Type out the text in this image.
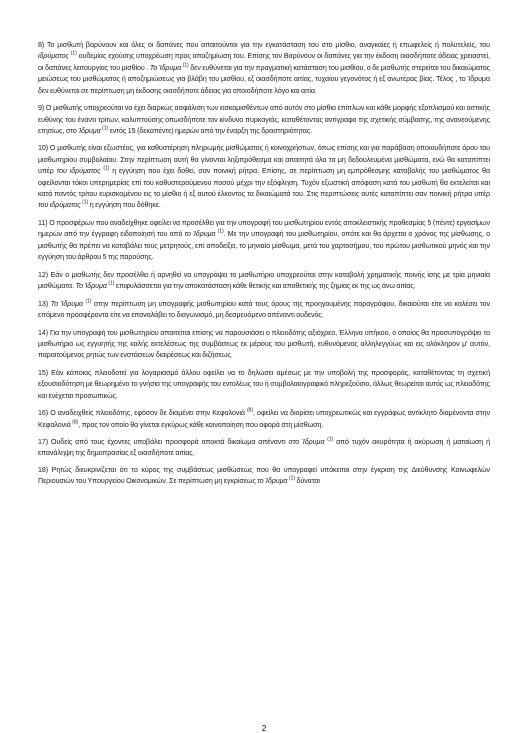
8) Το μισθωτή βαρύνουν και όλες οι δαπάνες που απαιτούνται για την εγκατάσταση του στο μίσθιο, αναγκαίες ή επωφελείς ή πολυτελείς, του ιδρύματος $^{(1)}$ ουδεμίας εχούσης υποχρέωση προς αποζημίωση του. Επίσης τον Βαρύνουν οι δαπάνες για την έκδοση οιασδήποτε άδειας χρειαστεί, οι δαπάνες λειτουργίας του μισθίου . Το Ίδρυμα $^{(1)}$ δεν ευθύνεται για την πραγματική κατάσταση του μισθίου, ο δε μισθωτής στερείται του δικαιώματος μειώσεως του μισθώματος ή αποζημιώσεως για βλάβη του μισθίου, εξ οιασδήποτε αιτίας, τυχαίου γεγονότος ή εξ ανωτέρας βίας. Τέλος , το Ίδρυμα δεν ευθύνεται σε περίπτωση μη έκδοσης οιασδήποτε άδειας για οποιοδήποτε λόγο και αιτία.

9) Ο μισθωτής υποχρεούται να έχει διαρκώς ασφάλιση των εισκομισθέντων από αυτόν στο μίσθιο επίπλων και κάθε μορφής εξοπλισμού και αστικής ευθύνης του έναντι τρίτων, καλυπτούσης οπωσδήποτε τον κίνδυνο πυρκαγιάς, καταθέτοντας αντίγραφο της σχετικής σύμβασης, της ανανεούμενης ετησίως, στο Ίδρυμα $^{(1)}$ εντός 15 (δεκαπέντε) ημερών από την έναρξη της δραστηριότητας.

10) Ο μισθωτής είναι εξωστέος, για καθυστέρηση πληρωμής μισθώματος ή κοινοχρήστων, όπως επίσης και για παράβαση οποιουδήποτε όρου του μισθωτηρίου συμβολαίου. Στην περίπτωση αυτή θα γίνονται ληξιπρόθεσμα και απαιτητά όλα τα μη δεδουλευμένα μισθώματα, ενώ θα καταπίπτει υπέρ του ιδρύματος $^{(1)}$ η εγγύηση που έχει δοθεί, σαν ποινική ρήτρα. Επίσης, σε περίπτωση μη εμπρόθεσμης καταβολής του μισθώματος θα οφείλονται τόκοι υπερημερίας επί του καθυστερούμενου ποσού μέχρι την εξόφληση. Τυχόν εξωστική απόφαση κατά του μισθωτή θα εκτελείται και κατά παντός τρίτου ευρισκομένου εις το μίσθιο ή εξ αυτού έλκοντος τα δικαιώματά του. Στις περιπτώσεις αυτές καταπίπτει σαν ποινική ρήτρα υπέρ του ιδρύματος $^{(1)}$ η εγγύηση που δόθηκε.

11) Ο προσφέρων που αναδείχθηκε οφείλει να προσέλθει για την υπογραφή του μισθωτηρίου εντός αποκλειστικής προθεσμίας 5 (πέντε) εργασίμων ημερών από την έγγραφη ειδοποίησή του από το Ίδρυμα $^{(1)}$. Με την υπογραφή του μισθωτηρίου, οπότε και θα άρχεται ο χρόνος της μίσθωσης, ο μισθωτής θα πρέπει να καταβάλει τους μετρητούς, επί αποδείξει, το μηνιαίο μίσθωμα, μετά του χαρτοσήμου, του πρώτου μισθωτικού μηνός και την εγγύηση του άρθρου 5 της παρούσης.

12) Εάν ο μισθωτής δεν προσέλθει ή αρνηθεί να υπογράψει το μισθωτήριο υποχρεούται στην καταβολή χρηματικής ποινής ίσης με τρία μηνιαία μισθώματα. Το Ίδρυμα $^{(1)}$ επιφυλάσσεται για την αποκατάσταση κάθε θετικής και αποθετικής της ζημίας εκ της ως άνω αιτίας.

13) Το Ίδρυμα $^{(1)}$ στην περίπτωση μη υπογραφής μισθωτηρίου κατά τους όρους της προηγουμένης παραγράφου, δικαιούται είτε να καλέσει τον επόμενο προσφέροντα είτε να επαναλάβει το διαγωνισμό, μη δεσμευόμενο απέναντι ουδενός.

14) Για την υπογραφή του μισθωτηρίου απαιτείται επίσης να παρουσιάσει ο πλειοδότης αξιόχρεο, Έλληνα υπήκοο, ο οποίος θα προσυπογράψει το μισθωτήριο ως εγγυητής της καλής εκτελέσεως της συμβάσεως εκ μέρους του μισθωτή, ευθυνόμενος αλληλεγγύως και εις ολόκληρον μ' αυτόν, παραιτούμενος ρητώς των ενστάσεων διαιρέσεως και διζήσεως.

15) Εάν κάποιος πλειοδοτεί για λογαριασμό άλλου οφείλει να το δηλώσει αμέσως με την υποβολή της προσφοράς, καταθέτοντας τη σχετική εξουσιοδότηση με θεωρημένο το γνήσιο της υπογραφής του εντολέως του ή συμβολαιογραφικό πληρεξούσιο, άλλως θεωρείται αυτός ως πλειοδότης και ενέχεται προσωπικώς.

16) Ο αναδειχθείς πλειοδότης, εφόσον δε διαμένει στην Κεφαλονιά $^{(8)}$, οφείλει να διορίσει υποχρεωτικώς και εγγράφως αντίκλητο διαμένοντα στην Κεφαλονιά $^{(8)}$, προς τον οποίο θα γίνεται εγκύρως κάθε κοινοποίηση που αφορά στη μίσθωση.

17) Ουδείς από τους έχοντες υποβάλει προσφορά αποκτά δικαίωμα απέναντι στο Ίδρυμα $^{(1)}$ από τυχόν ακυρότητα ή ακύρωση ή ματαίωση ή επανάληψη της δημοπρασίας εξ οιασδήποτε αιτίας.

18) Ρητώς διευκρινίζεται ότι το κύρος της συμβάσεως μισθώσεως που θα υπογραφεί υπόκειται στην έγκριση της Διεύθυνσης Κοινωφελών Περιουσιών του Υπουργείου Οικονομικών. Σε περίπτωση μη εγκρίσεως το Ίδρυμα $^{(1)}$ δύναται

2
